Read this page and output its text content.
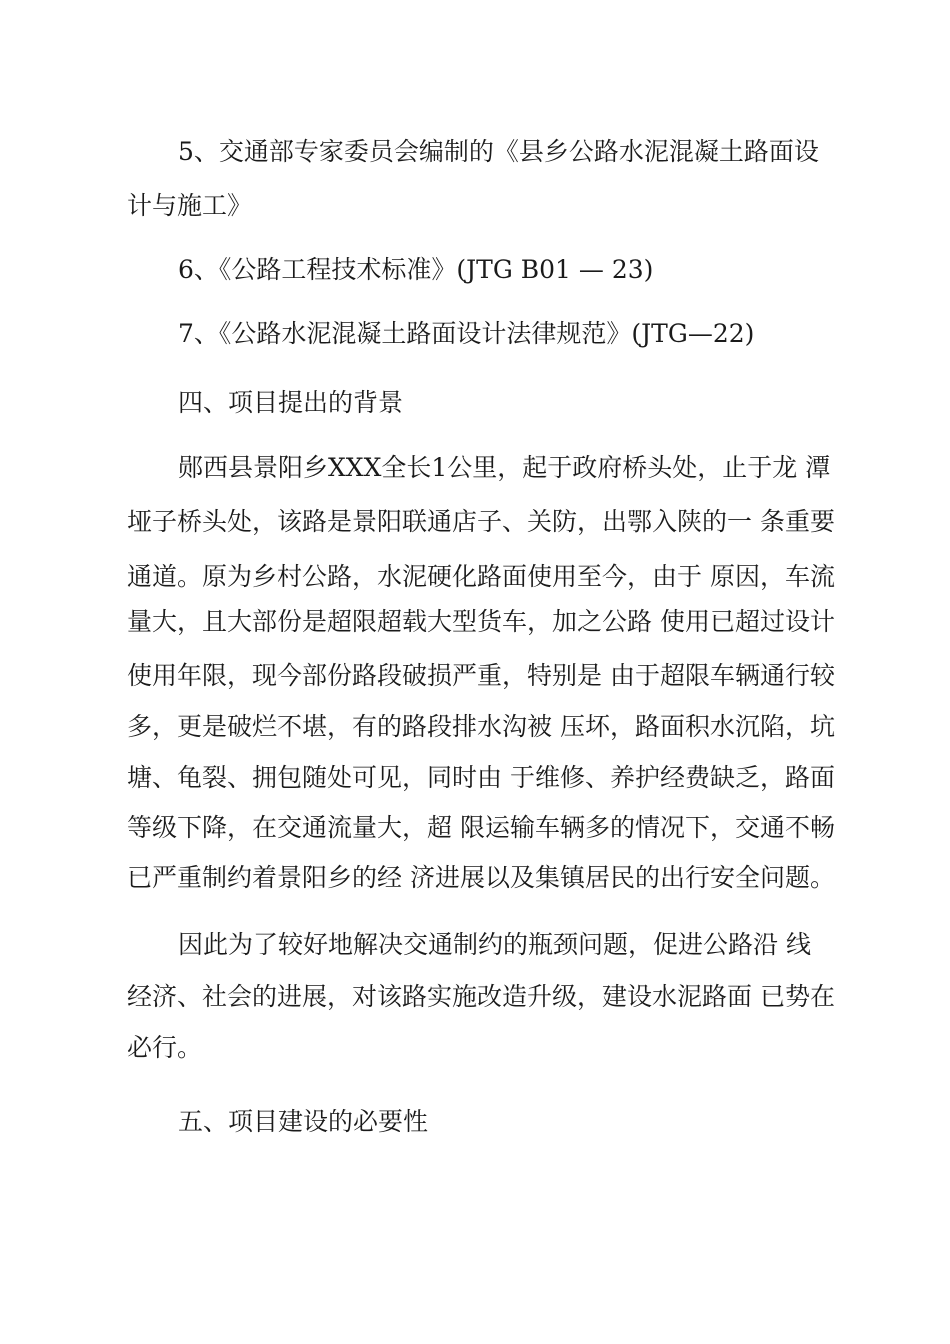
5、交通部专家委员会编制的《县乡公路水泥混凝土路面设
计与施工》
6、《公路工程技术标准》(JTG B01 — 23)
7、《公路水泥混凝土路面设计法律规范》(JTG—22)
四、项目提出的背景
郧西县景阳乡XXX全长1公里，起于政府桥头处，止于龙 潭
垭子桥头处，该路是景阳联通店子、关防，出鄂入陕的一 条重要
通道。原为乡村公路，水泥硬化路面使用至今，由于 原因，车流
量大，且大部份是超限超载大型货车，加之公路 使用已超过设计
使用年限，现今部份路段破损严重，特别是 由于超限车辆通行较
多，更是破烂不堪，有的路段排水沟被 压坏，路面积水沉陷，坑
塘、龟裂、拥包随处可见，同时由 于维修、养护经费缺乏，路面
等级下降，在交通流量大，超 限运输车辆多的情况下，交通不畅
已严重制约着景阳乡的经 济进展以及集镇居民的出行安全问题。
因此为了较好地解决交通制约的瓶颈问题，促进公路沿 线
经济、社会的进展，对该路实施改造升级，建设水泥路面 已势在
必行。
五、项目建设的必要性
